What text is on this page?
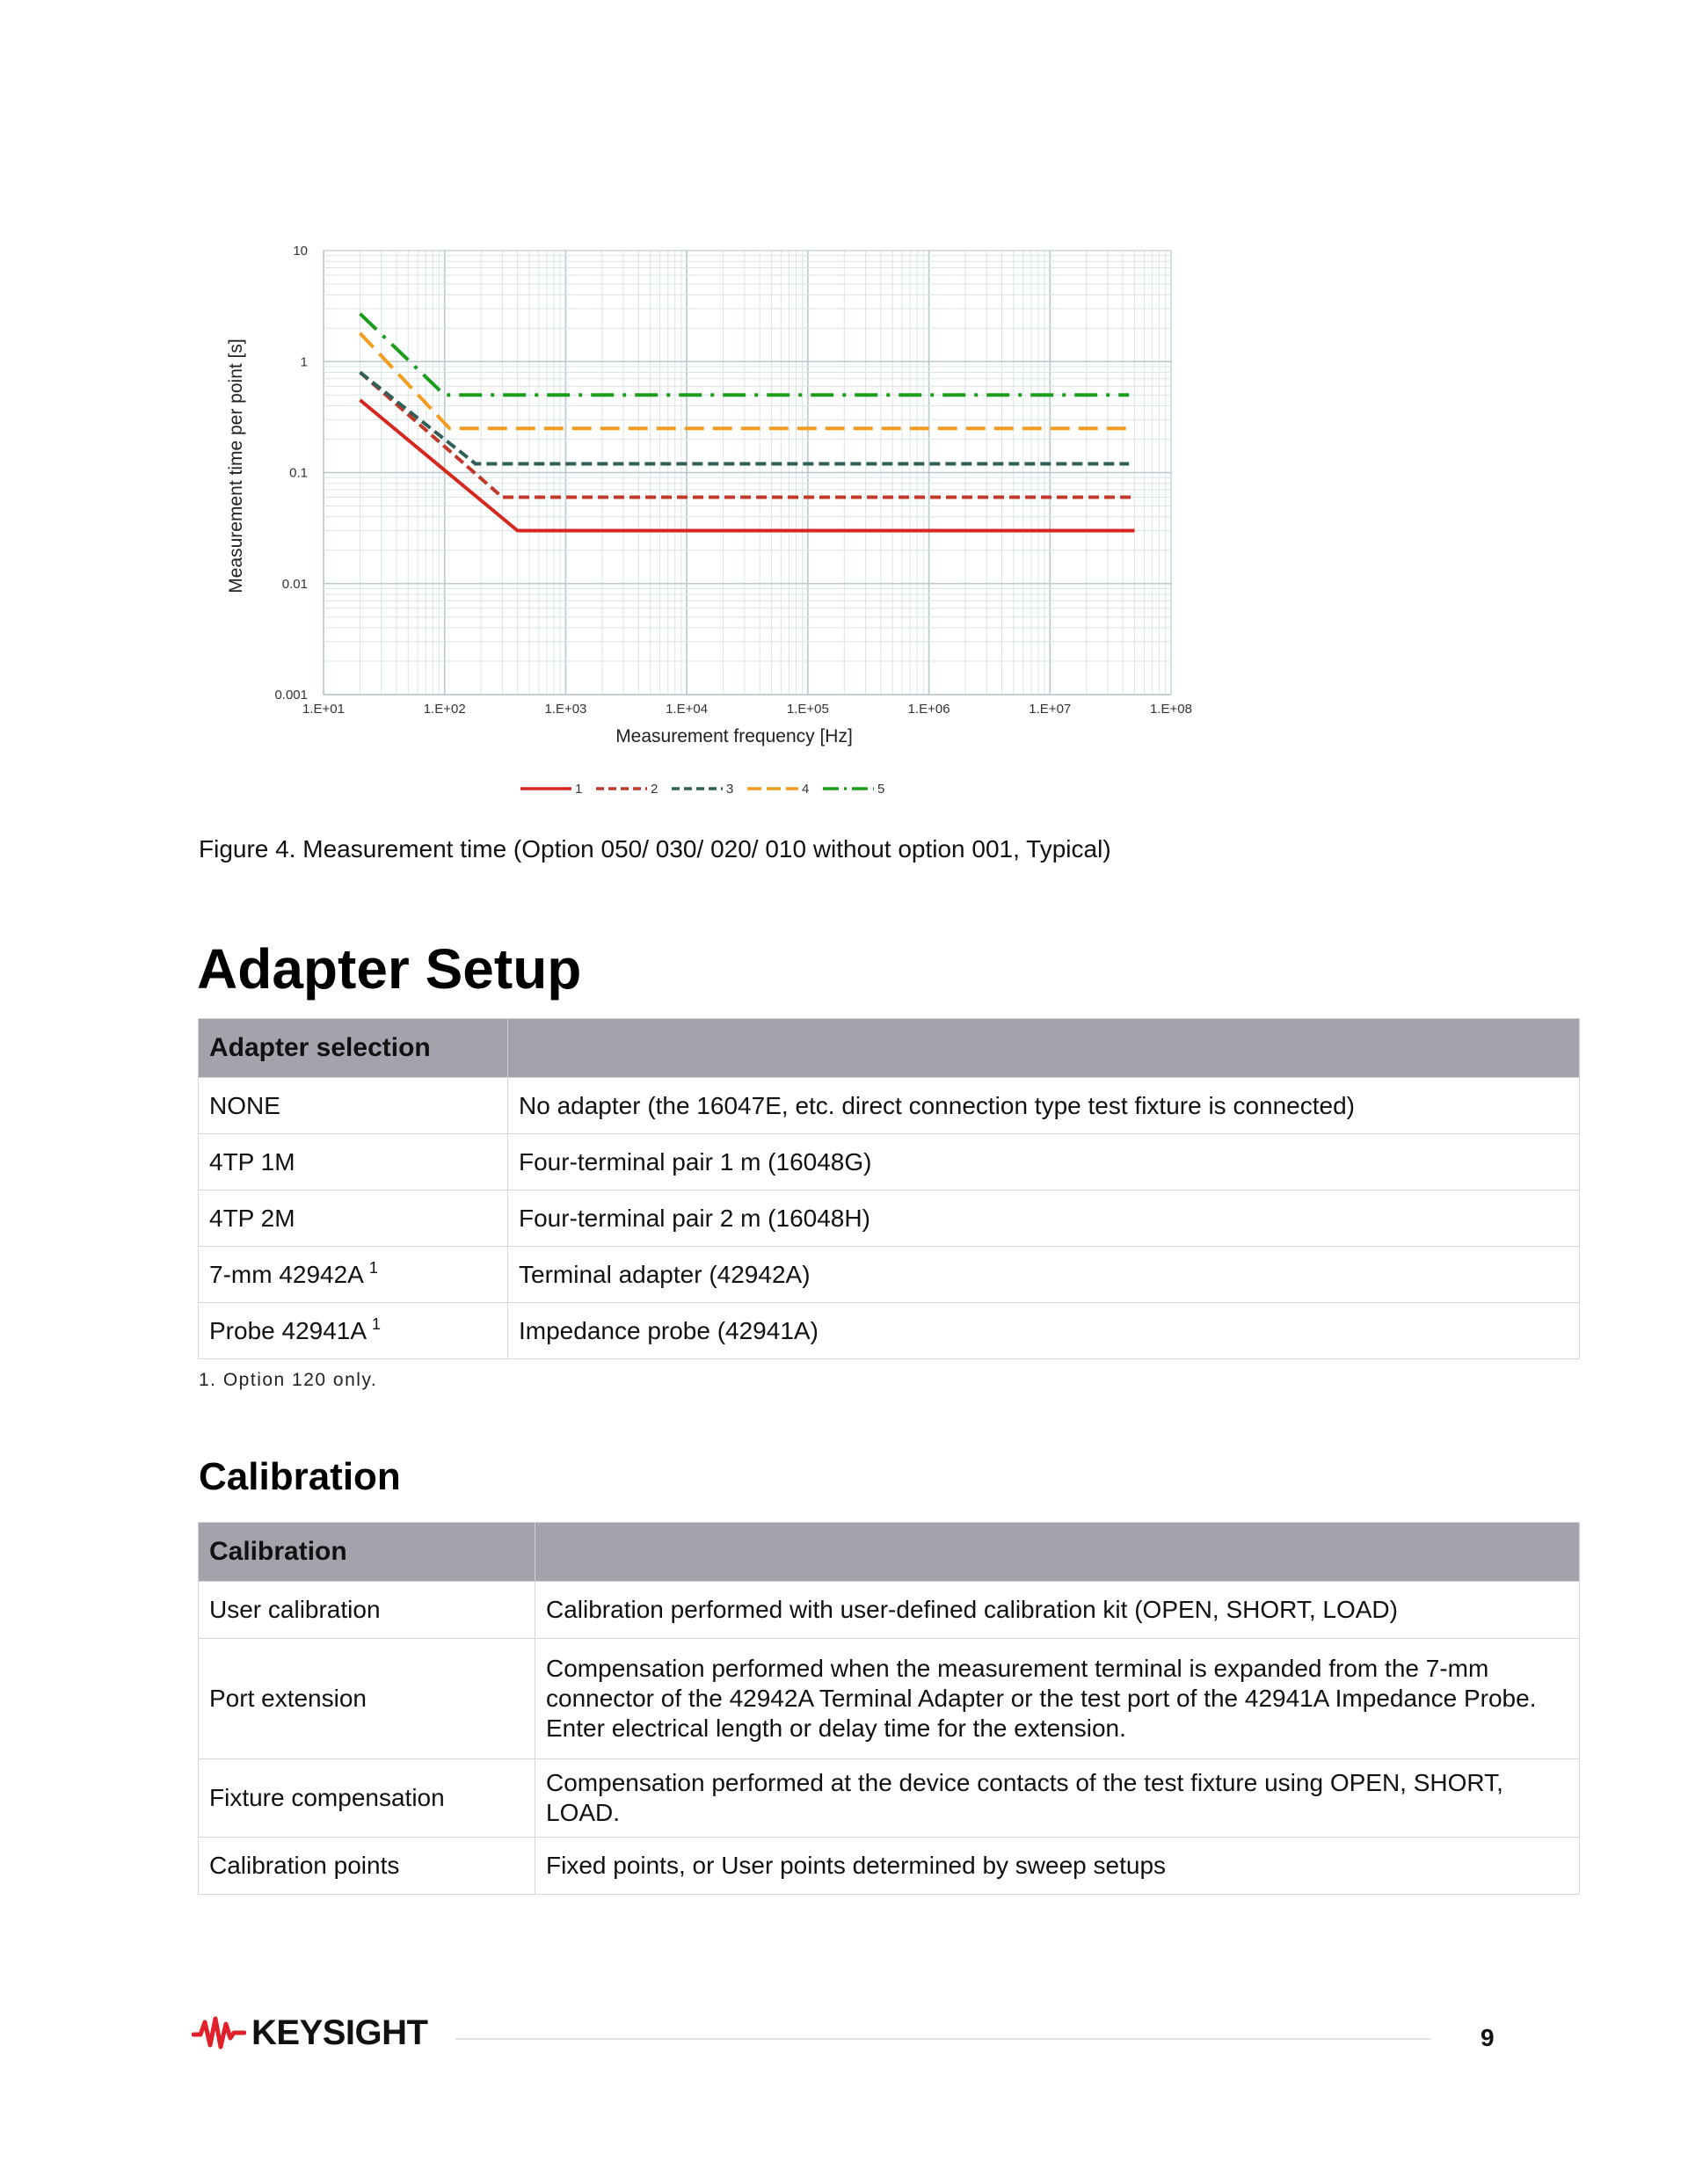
1.E+01	1.E+02	1.E+03	1.E+04	1.E+05	1.E+06	1.E+07	1.E+08
10
1
0.1
0.01
0.001
Measurement frequency [Hz]
Measurement time per point [s]
1	2	3	4	5
Figure 4. Measurement time (Option 050/ 030/ 020/ 010 without option 001, Typical)
Adapter Setup
Adapter selection	
NONE	No adapter (the 16047E, etc. direct connection type test fixture is connected)
4TP 1M	Four-terminal pair 1 m (16048G)
4TP 2M	Four-terminal pair 2 m (16048H)
7-mm 42942A $^1$	Terminal adapter (42942A)
Probe 42941A $^1$	Impedance probe (42941A)
1. Option 120 only.
Calibration
Calibration	
User calibration	Calibration performed with user-defined calibration kit (OPEN, SHORT, LOAD)
Port extension	Compensation performed when the measurement terminal is expanded from the 7-mm connector of the 42942A Terminal Adapter or the test port of the 42941A Impedance Probe. Enter electrical length or delay time for the extension.
Fixture compensation	Compensation performed at the device contacts of the test fixture using OPEN, SHORT, LOAD.
Calibration points	Fixed points, or User points determined by sweep setups
KEYSIGHT	9
